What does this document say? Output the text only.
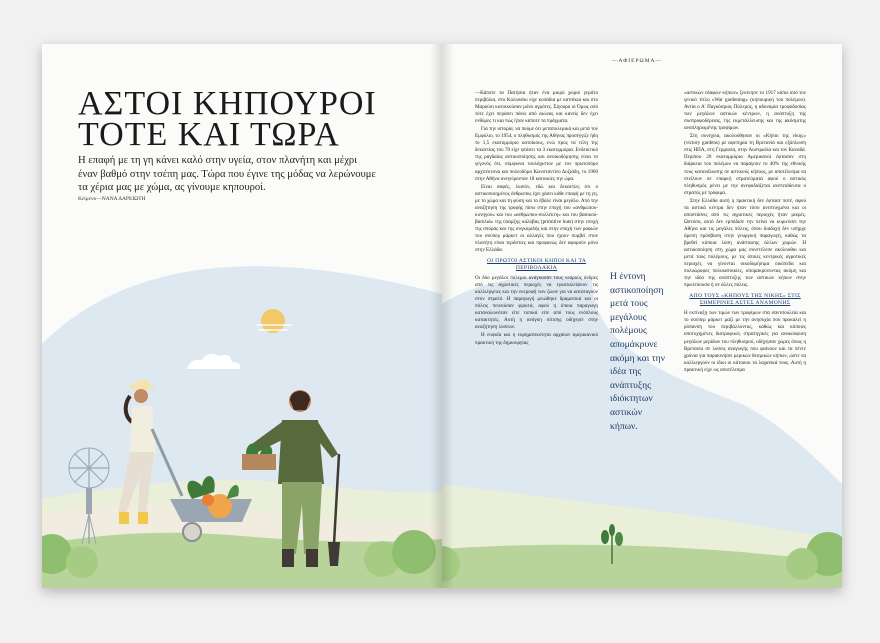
ΑΣΤΟΙ ΚΗΠΟΥΡΟΙ
ΤΟΤΕ ΚΑΙ ΤΩΡΑ

Η επαφή με τη γη κάνει καλό στην υγεία, στον πλανήτη και μέχρι έναν βαθμό στην τσέπη μας. Τώρα που έγινε της μόδας να λερώνουμε τα χέρια μας με χώμα, ας γίνουμε κηπουροί.

Κείμενο—ΝΑΝΑ ΔΑΡΕΙΩΤΗ

—ΑΦΙΕΡΩΜΑ—

—Κάποτε τα Πατήσια ήταν ένα μικρό χωριό γεμάτο περιβόλια, στο Κολωνάκι είχε κοπάδια με κατσίκια και στο Μαρούσι κατοικούσαν μόνο αγρότες. Σίγουρα οι Όμως από τότε έχει περάσει πάνω από αιώνας και κανείς δεν έχει ενθύμες τι και πώς ήταν κάποτε τα πράγματα.

Για την ιστορία, να πούμε ότι μεταπολεμικά και μετά τον Εμφύλιο, το 1954, ο πληθυσμός της Αθήνας προσέγγιζε ήδη το 1,5 εκατομμύριο κατοίκους, ενώ προς τα τέλη της δεκαετίας του 70 είχε φτάσει τα 3 εκατομμύρια. Ενδεικτικό της ραγδαίας αστικοποίησης και ανοικοδόμησης είναι το γεγονός ότι, σύμφωνα τουλάχιστον με τον πρωτοπόρο αρχιτέκτονα και πολεοδόμο Κωνσταντίνο Δοξιάδη, το 1960 στην Αθήνα ανεγείρονταν 18 κατοικίες την ώρα.

Είναι σαφές, λοιπόν, εδώ και δεκαετίες ότι ο αστικοποιημένος άνθρωπος έχει χάσει κάθε επαφή με τη γη, με το χώμα και τη φύση και το έβαλε είναι μεγάλο. Από την αναζήτηση της τροφής πίσω στην εποχή του «ανθρώπου-κυνηγού» και του «ανθρώπου-συλλέκτη» και του βασικού-βασιλιά» της ύπαρξης καλύβας (primitive huts) στην εποχή της σποράς και της συγκομιδής και στην εποχή των ραφιών του σούπερ μάρκετ οι αλλαγές που έχουν συμβεί στον πλανήτη είναι τεράστιες και προφανώς δεν αφορούν μόνο στην Ελλάδα.

ΟΙ ΠΡΩΤΟΙ ΑΣΤΙΚΟΙ ΚΗΠΟΙ ΚΑΙ ΤΑ ΠΕΡΙΒΟΛΑΚΙΑ

Οι δύο μεγάλοι πόλεμοι ανάγκασαν τους νεαρούς άνδρες από τις αγροτικές περιοχές να εγκαταλείψουν τις καλλιέργειες και την εκτροφή των ζώων για να καταταγούν στον στρατό. Η παραγωγή μειώθηκε δραματικά και οι πόλεις πεινούσαν φρικτά, αφού η όποια παραγωγή καταναλωνόταν είτε τοπικά είτε από τους ενόπλους κατακτητές. Αυτή η ανάγκη σίτισης οδήγησε στην αναζήτηση λύσεων.

Η ευφυΐα και η ευρηματικότητα αρχαίων αμερικανικό πρακτική της δημιουργίας

Η έντονη αστικοποίηση μετά τους μεγάλους πολέμους απομάκρυνε ακόμη και την ιδέα της ανάπτυξης ιδιόκτητων αστικών κήπων.

«αστικών εδαφών κήπων» ξεκίνησε το 1917 κάπω από τον γενικό τίτλο «War gardening» (κηπουρική του πολέμου). Αντία ο Α' Παγκόσμιος Πόλεμος, η αδυναμία τροφοδοσίας των μεγάλων αστικών κέντρων, η ανάπτυξη της συστροφοδέρειας, της εκμετάλλευσης και της ακόσμιτης αναπληρωμένης τροφίμων.

Στη συνέχεια, ακολούθησαν οι «Κήποι της νίκης» (victory gardens) με αφετηρία τη Βρετανία και εξάπλωση στις ΗΠΑ, στη Γερμανία, στην Αυστραλία και τον Καναδά. Περίπου 20 εκατομμύρια Αμερικανοί έφτασαν στη διάρκεια του πολέμου να παράγουν το 40% της εθνικής τους κατανάλωσης σε αστικούς κήπους, με αποτέλεσμα να στείλουν σε επαρκή στρατεύματα αφού ο αστικός πληθυσμός μένει με την ανεφοδιάζεται ανεπιτάδευτα ο στρατός με τρόφιμα.

Στην Ελλάδα αυτή η πρακτική δεν έφτασε ποτέ, αφού τα αστικά κέντρα δεν ήταν τόσο ανεπτυγμένα και οι αποστάσεις από τις αγροτικές περιοχές ήταν μικρές. Ωστόσο, αυτό δεν εμπόδισε την πείνα να κυριεύσει την Αθήνα και τις μεγάλες πόλεις, όπου διαδοχή δεν υπήρχε άμεση πρόσβαση στην γεωργική παραγωγή, καθώς τα βρεθεί κάποια λύση ανάστασης άλλων χωρών. Η αστικοποίηση στη χώρα μας συνετέλεσε ακόλουθοι και μετά τους πολέμους, με τις όποιες κεντρικές αγροτικές περιοχές να γίνονται οικοδομήσιμα οικόπεδα και πολυώροφες πολυκατοικίες, απομακρύνοντας ακόμη και την ιδέα της ανάπτυξης των αστικών κήπων στην πρωτεύουσα ή σε άλλες πόλεις.

ΑΠΟ ΤΟΥΣ «ΚΗΠΟΥΣ ΤΗΣ ΝΙΚΗΣ» ΣΤΙΣ ΣΗΜΕΡΙΝΕΣ ΑΣΤΕΣ ΑΝΑΜΟΝΗΣ

Η εκτίναξη των τιμών των τροφίμων στα σαντσουλεία και το σούπερ μάρκετ μαζί με την ανησυχία που προκαλεί η ρύπανση του περιβάλλοντος, καθώς και κάποιες αποτυχημένες διατροφικές στρατηγικές για ανακούφιση μεγάλων μερίδων του πληθυσμού, οδήγησαν χώρες όπως η Βρετανία σε λύσεις αναγωγής που φαίνουν και τα πέντε χρόνια για παρακινήσει μερικών θεσμικών κήπων, ώστε να καλλιεργούν οι ίδιοι οι κάτοικοι τα λαχανικά τους. Αυτή η πρακτική είχε ως αποτέλεσμα
